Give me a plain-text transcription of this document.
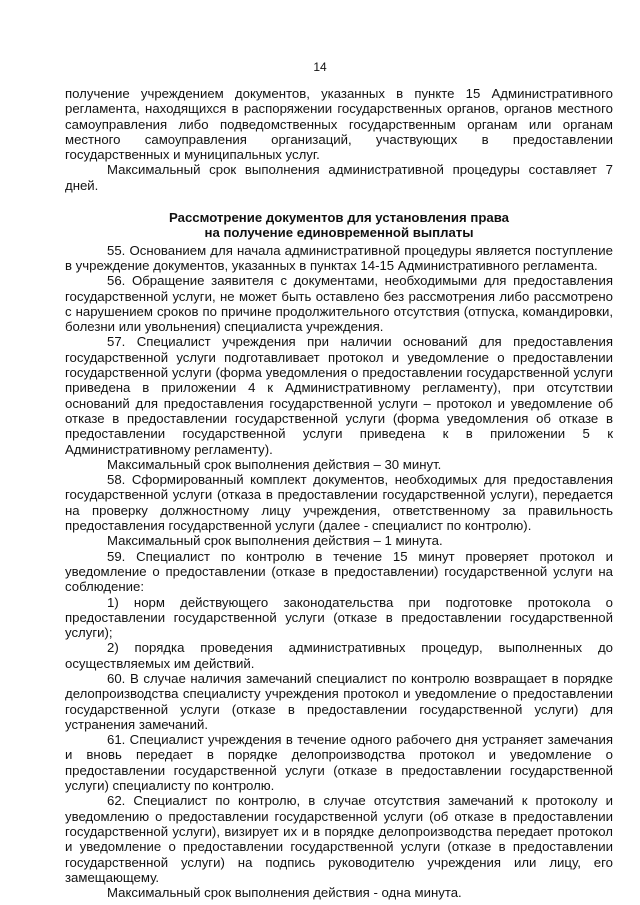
14

получение учреждением документов, указанных в пункте 15 Административного регламента, находящихся в распоряжении государственных органов, органов местного самоуправления либо подведомственных государственным органам или органам местного самоуправления организаций, участвующих в предоставлении государственных и муниципальных услуг.

Максимальный срок выполнения административной процедуры составляет 7 дней.

Рассмотрение документов для установления права
на получение единовременной выплаты

55. Основанием для начала административной процедуры является поступление в учреждение документов, указанных в пунктах 14-15 Административного регламента.

56. Обращение заявителя с документами, необходимыми для предоставления государственной услуги, не может быть оставлено без рассмотрения либо рассмотрено с нарушением сроков по причине продолжительного отсутствия (отпуска, командировки, болезни или увольнения) специалиста учреждения.

57. Специалист учреждения при наличии оснований для предоставления государственной услуги подготавливает протокол и уведомление о предоставлении государственной услуги (форма уведомления о предоставлении государственной услуги приведена в приложении 4 к Административному регламенту), при отсутствии оснований для предоставления государственной услуги – протокол и уведомление об отказе в предоставлении государственной услуги (форма уведомления об отказе в предоставлении государственной услуги приведена к в приложении 5 к Административному регламенту).

Максимальный срок выполнения действия – 30 минут.

58. Сформированный комплект документов, необходимых для предоставления государственной услуги (отказа в предоставлении государственной услуги), передается на проверку должностному лицу учреждения, ответственному за правильность предоставления государственной услуги (далее - специалист по контролю).

Максимальный срок выполнения действия – 1 минута.

59. Специалист по контролю в течение 15 минут проверяет протокол и уведомление о предоставлении (отказе в предоставлении) государственной услуги на соблюдение:

1) норм действующего законодательства при подготовке протокола о предоставлении государственной услуги (отказе в предоставлении государственной услуги);

2) порядка проведения административных процедур, выполненных до осуществляемых им действий.

60. В случае наличия замечаний специалист по контролю возвращает в порядке делопроизводства специалисту учреждения протокол и уведомление о предоставлении государственной услуги (отказе в предоставлении государственной услуги) для устранения замечаний.

61. Специалист учреждения в течение одного рабочего дня устраняет замечания и вновь передает в порядке делопроизводства протокол и уведомление о предоставлении государственной услуги (отказе в предоставлении государственной услуги) специалисту по контролю.

62. Специалист по контролю, в случае отсутствия замечаний к протоколу и уведомлению о предоставлении государственной услуги (об отказе в предоставлении государственной услуги), визирует их и в порядке делопроизводства передает протокол и уведомление о предоставлении государственной услуги (отказе в предоставлении государственной услуги) на подпись руководителю учреждения или лицу, его замещающему.

Максимальный срок выполнения действия - одна минута.
